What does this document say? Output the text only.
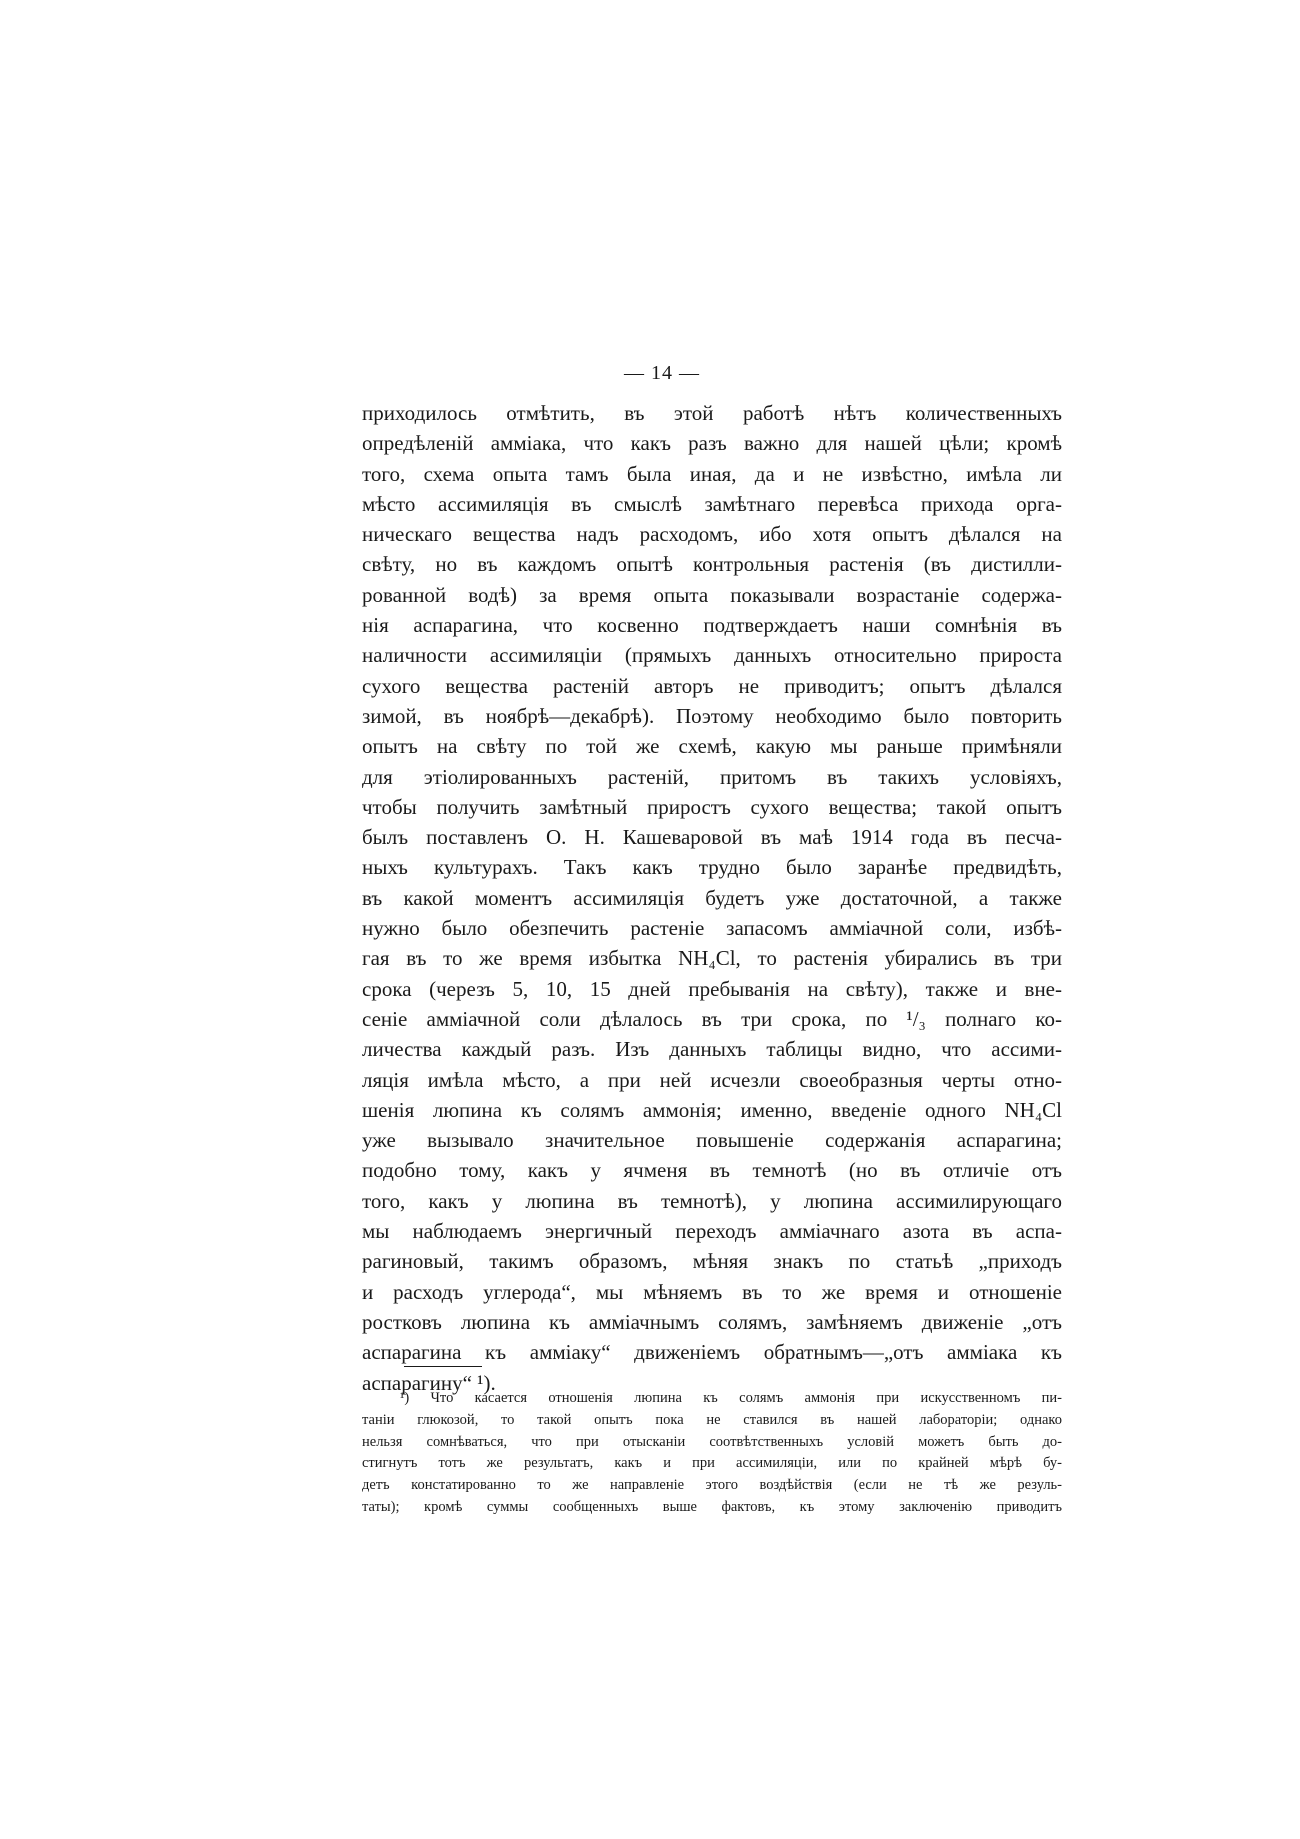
— 14 —
приходилось отмѣтить, въ этой работѣ нѣтъ количественныхъ
опредѣленій амміака, что какъ разъ важно для нашей цѣли; кромѣ
того, схема опыта тамъ была иная, да и не извѣстно, имѣла ли
мѣсто ассимиляція въ смыслѣ замѣтнаго перевѣса прихода орга-
ническаго вещества надъ расходомъ, ибо хотя опытъ дѣлался на
свѣту, но въ каждомъ опытѣ контрольныя растенія (въ дистилли-
рованной водѣ) за время опыта показывали возрастаніе содержа-
нія аспарагина, что косвенно подтверждаетъ наши сомнѣнія въ
наличности ассимиляціи (прямыхъ данныхъ относительно прироста
сухого вещества растеній авторъ не приводитъ; опытъ дѣлался
зимой, въ ноябрѣ—декабрѣ). Поэтому необходимо было повторить
опытъ на свѣту по той же схемѣ, какую мы раньше примѣняли
для этіолированныхъ растеній, притомъ въ такихъ условіяхъ,
чтобы получить замѣтный приростъ сухого вещества; такой опытъ
былъ поставленъ О. Н. Кашеваровой въ маѣ 1914 года въ песча-
ныхъ культурахъ. Такъ какъ трудно было заранѣе предвидѣть,
въ какой моментъ ассимиляція будетъ уже достаточной, а также
нужно было обезпечить растеніе запасомъ амміачной соли, избѣ-
гая въ то же время избытка NH₄Cl, то растенія убирались въ три
срока (черезъ 5, 10, 15 дней пребыванія на свѣту), также и вне-
сеніе амміачной соли дѣлалось въ три срока, по ¹/₃ полнаго ко-
личества каждый разъ. Изъ данныхъ таблицы видно, что ассими-
ляція имѣла мѣсто, а при ней исчезли своеобразныя черты отно-
шенія люпина къ солямъ аммонія; именно, введеніе одного NH₄Cl
уже вызывало значительное повышеніе содержанія аспарагина;
подобно тому, какъ у ячменя въ темнотѣ (но въ отличіе отъ
того, какъ у люпина въ темнотѣ), у люпина ассимилирующаго
мы наблюдаемъ энергичный переходъ амміачнаго азота въ аспа-
рагиновый, такимъ образомъ, мѣняя знакъ по статьѣ „приходъ
и расходъ углерода“, мы мѣняемъ въ то же время и отношеніе
ростковъ люпина къ амміачнымъ солямъ, замѣняемъ движеніе „отъ
аспарагина къ амміаку“ движеніемъ обратнымъ—„отъ амміака къ
аспарагину“ ¹).
¹) Что касается отношенія люпина къ солямъ аммонія при искусственномъ пи-
таніи глюкозой, то такой опытъ пока не ставился въ нашей лабораторіи; однако
нельзя сомнѣваться, что при отысканіи соотвѣтственныхъ условій можетъ быть до-
стигнутъ тотъ же результатъ, какъ и при ассимиляціи, или по крайней мѣрѣ бу-
детъ констатированно то же направленіе этого воздѣйствія (если не тѣ же резуль-
таты); кромѣ суммы сообщенныхъ выше фактовъ, къ этому заключенію приводитъ
